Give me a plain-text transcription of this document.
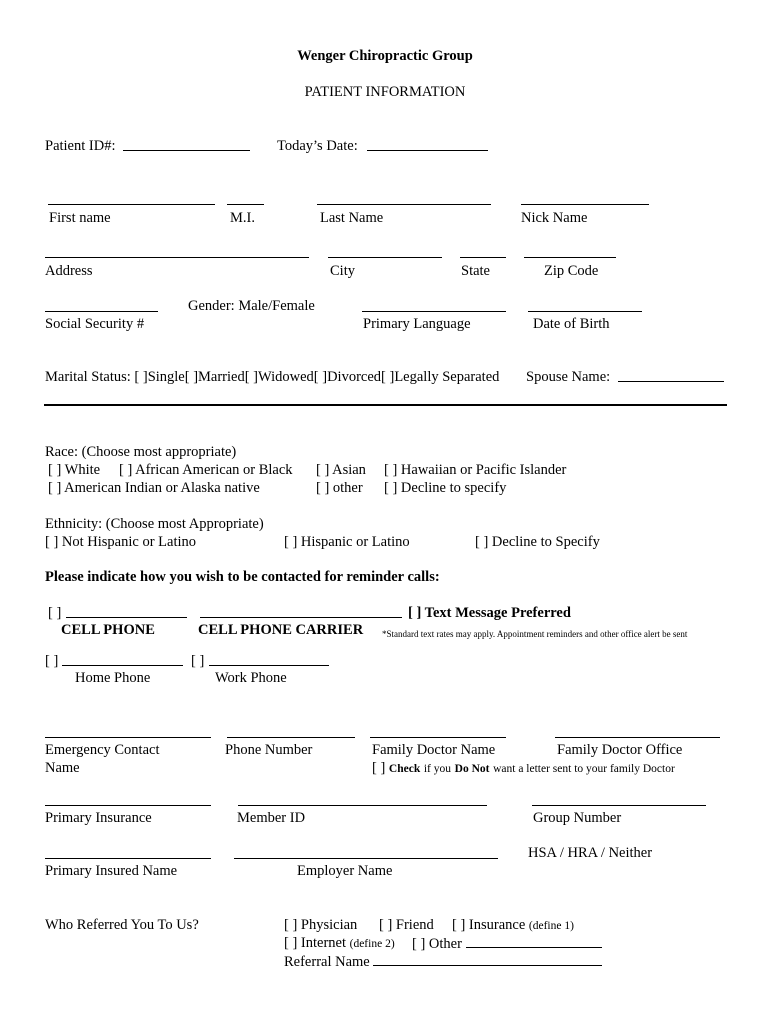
Wenger Chiropractic Group
PATIENT INFORMATION
Patient ID#:	Today’s Date:
First name	M.I.	Last Name	Nick Name
Address	City	State	Zip Code
Gender: Male/Female
Social Security #	Primary Language	Date of Birth
Marital Status: [ ]Single[ ]Married[ ]Widowed[ ]Divorced[ ]Legally Separated Spouse Name:
Race: (Choose most appropriate)
[ ] White [ ] African American or Black [ ] Asian [ ] Hawaiian or Pacific Islander
[ ] American Indian or Alaska native	[ ] other [ ] Decline to specify
Ethnicity: (Choose most Appropriate)
[ ] Not Hispanic or Latino	[ ] Hispanic or Latino	[ ] Decline to Specify
Please indicate how you wish to be contacted for reminder calls:
[ ]	[ ] Text Message Preferred
CELL PHONE	CELL PHONE CARRIER *Standard text rates may apply. Appointment reminders and other office alert be sent
[ ]	[ ]
Home Phone	Work Phone
Emergency Contact
Name
Phone Number	Family Doctor Name	Family Doctor Office
[ ] Check if you Do Not want a letter sent to your family Doctor
Primary Insurance	Member ID	Group Number
HSA / HRA / Neither
Primary Insured Name	Employer Name
Who Referred You To Us?	[ ] Physician [ ] Friend [ ] Insurance (define 1)
[ ] Internet (define 2) [ ] Other
Referral Name
